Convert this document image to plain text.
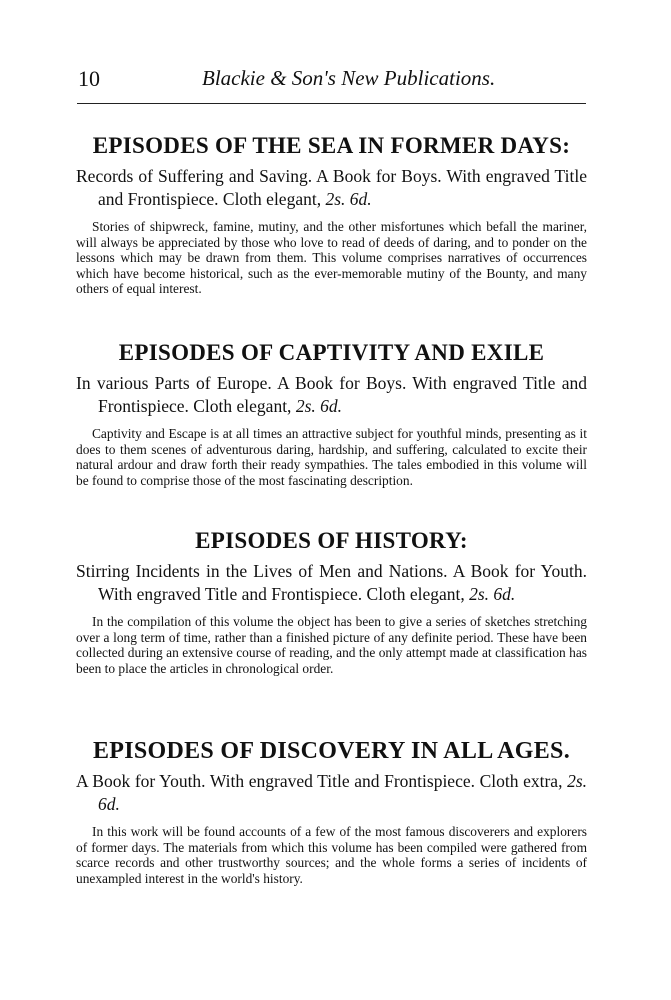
10	Blackie & Son's New Publications.
EPISODES OF THE SEA IN FORMER DAYS:

Records of Suffering and Saving. A Book for Boys. With engraved Title and Frontispiece. Cloth elegant, 2s. 6d.

Stories of shipwreck, famine, mutiny, and the other misfortunes which befall the mariner, will always be appreciated by those who love to read of deeds of daring, and to ponder on the lessons which may be drawn from them. This volume comprises narratives of occurrences which have become historical, such as the ever-memorable mutiny of the Bounty, and many others of equal interest.

EPISODES OF CAPTIVITY AND EXILE

In various Parts of Europe. A Book for Boys. With engraved Title and Frontispiece. Cloth elegant, 2s. 6d.

Captivity and Escape is at all times an attractive subject for youthful minds, presenting as it does to them scenes of adventurous daring, hardship, and suffering, calculated to excite their natural ardour and draw forth their ready sympathies. The tales embodied in this volume will be found to comprise those of the most fascinating description.

EPISODES OF HISTORY:

Stirring Incidents in the Lives of Men and Nations. A Book for Youth. With engraved Title and Frontispiece. Cloth elegant, 2s. 6d.

In the compilation of this volume the object has been to give a series of sketches stretching over a long term of time, rather than a finished picture of any definite period. These have been collected during an extensive course of reading, and the only attempt made at classification has been to place the articles in chronological order.

EPISODES OF DISCOVERY IN ALL AGES.

A Book for Youth. With engraved Title and Frontispiece. Cloth extra, 2s. 6d.

In this work will be found accounts of a few of the most famous discoverers and explorers of former days. The materials from which this volume has been compiled were gathered from scarce records and other trustworthy sources; and the whole forms a series of incidents of unexampled interest in the world's history.
